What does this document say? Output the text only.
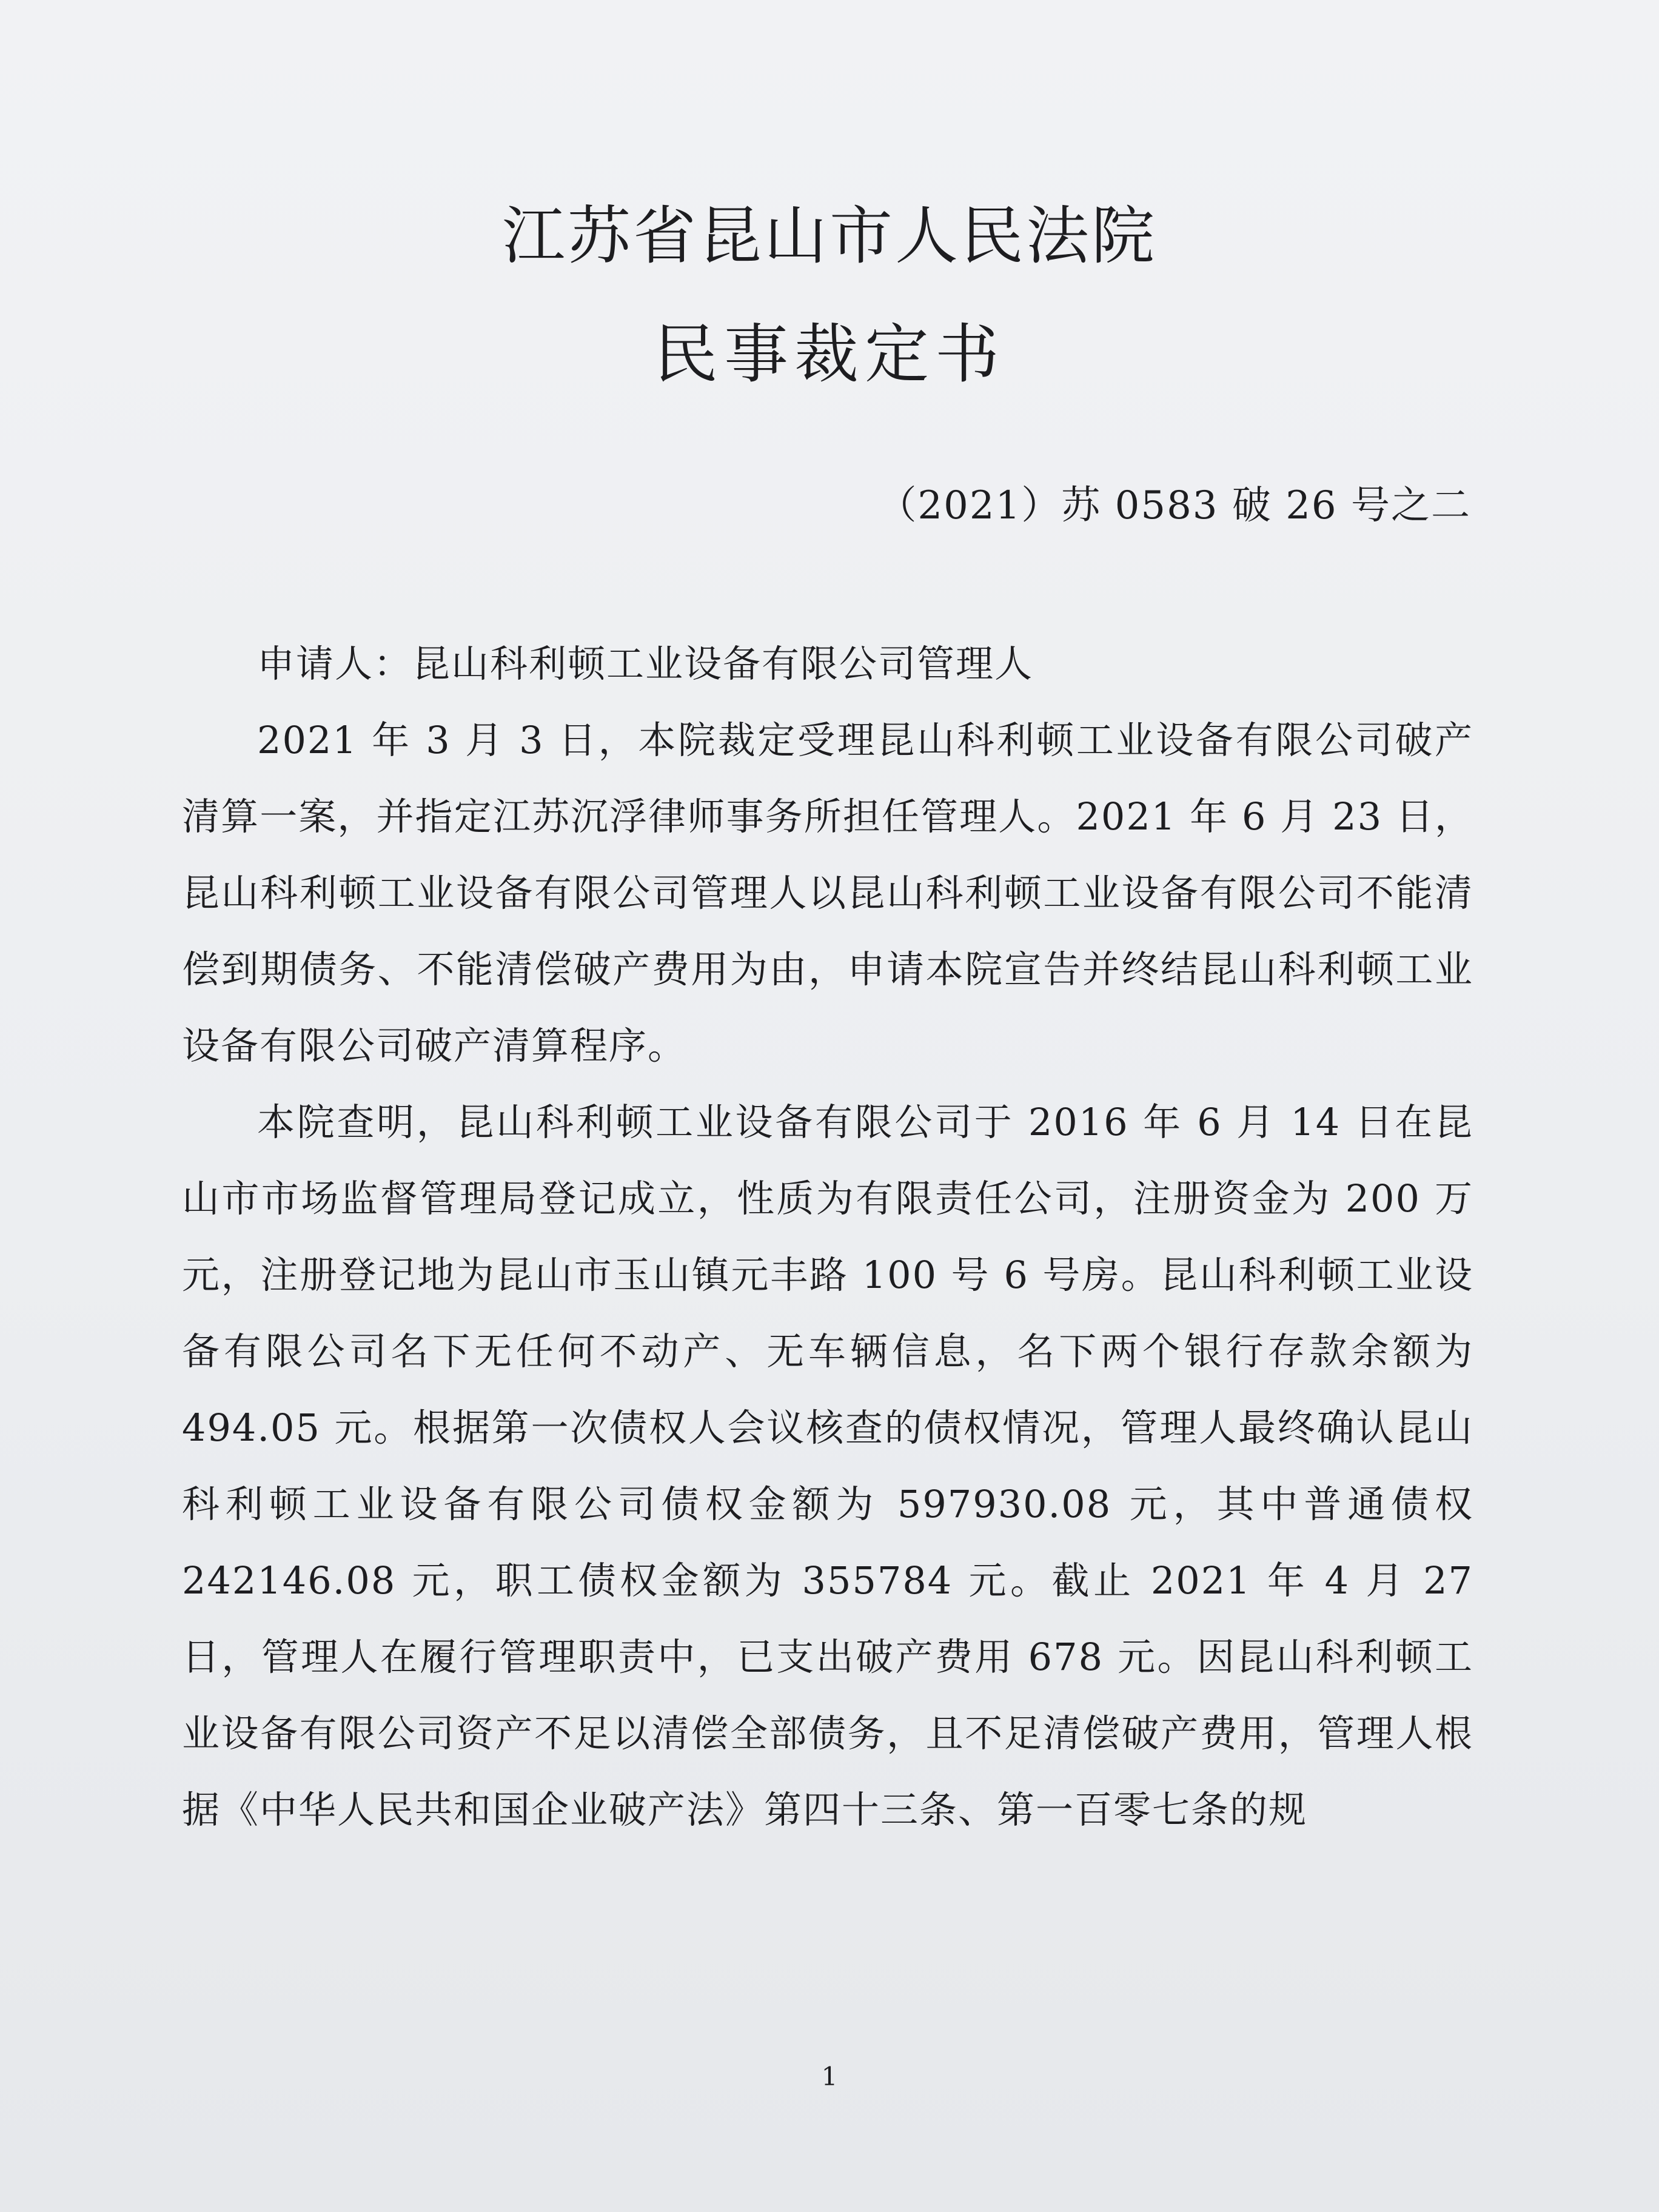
江苏省昆山市人民法院
民事裁定书
（2021）苏 0583 破 26 号之二

申请人：昆山科利顿工业设备有限公司管理人

2021 年 3 月 3 日，本院裁定受理昆山科利顿工业设备有限公司破产清算一案，并指定江苏沉浮律师事务所担任管理人。2021 年 6 月 23 日，昆山科利顿工业设备有限公司管理人以昆山科利顿工业设备有限公司不能清偿到期债务、不能清偿破产费用为由，申请本院宣告并终结昆山科利顿工业设备有限公司破产清算程序。

本院查明，昆山科利顿工业设备有限公司于 2016 年 6 月 14 日在昆山市市场监督管理局登记成立，性质为有限责任公司，注册资金为 200 万元，注册登记地为昆山市玉山镇元丰路 100 号 6 号房。昆山科利顿工业设备有限公司名下无任何不动产、无车辆信息，名下两个银行存款余额为 494.05 元。根据第一次债权人会议核查的债权情况，管理人最终确认昆山科利顿工业设备有限公司债权金额为 597930.08 元，其中普通债权 242146.08 元，职工债权金额为 355784 元。截止 2021 年 4 月 27 日，管理人在履行管理职责中，已支出破产费用 678 元。因昆山科利顿工业设备有限公司资产不足以清偿全部债务，且不足清偿破产费用，管理人根据《中华人民共和国企业破产法》第四十三条、第一百零七条的规

1
